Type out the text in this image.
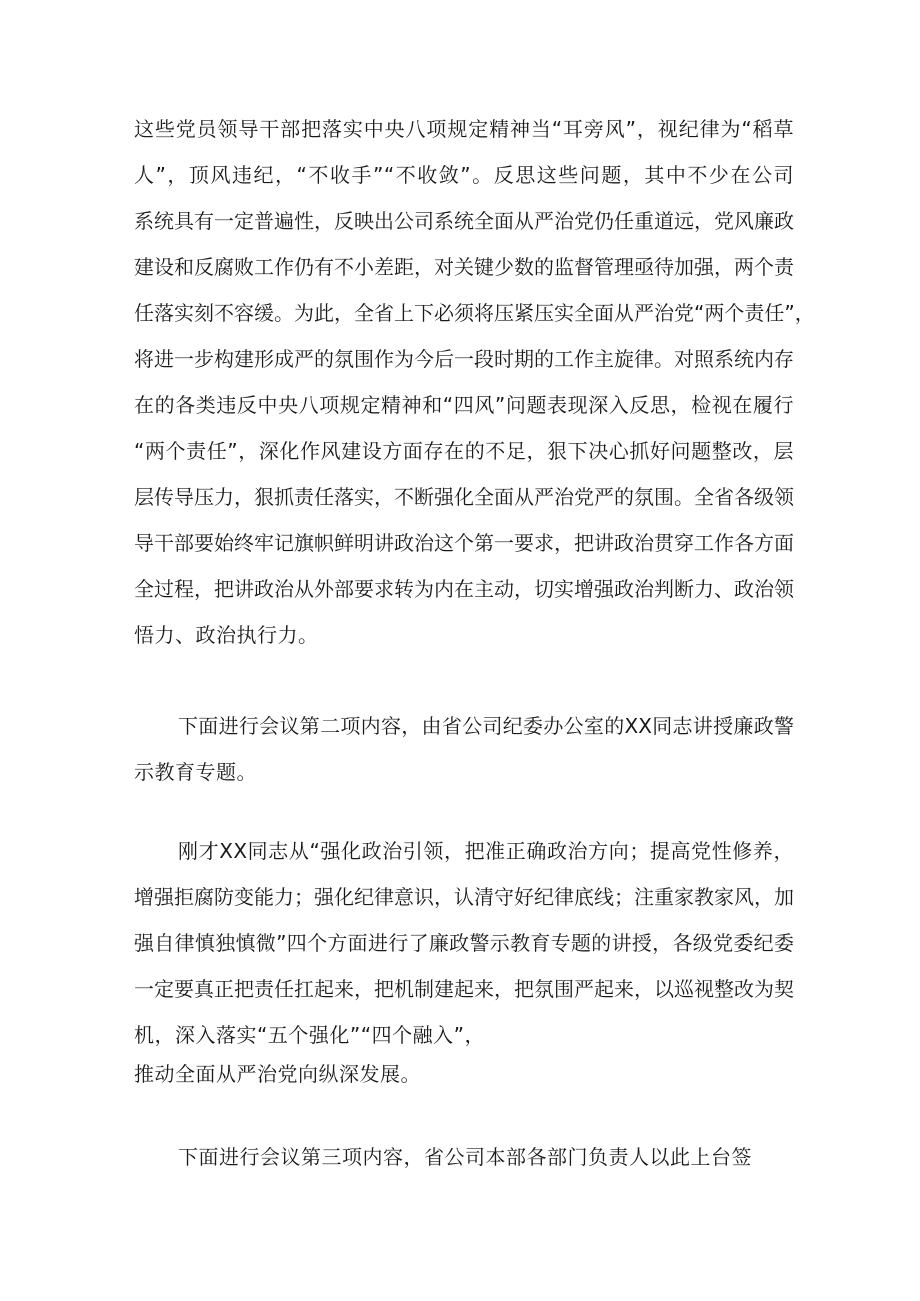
这些党员领导干部把落实中央八项规定精神当“耳旁风”，视纪律为“稻草
人”，顶风违纪，“不收手”“不收敛”。反思这些问题，其中不少在公司
系统具有一定普遍性，反映出公司系统全面从严治党仍任重道远，党风廉政
建设和反腐败工作仍有不小差距，对关键少数的监督管理亟待加强，两个责
任落实刻不容缓。为此，全省上下必须将压紧压实全面从严治党“两个责任”，
将进一步构建形成严的氛围作为今后一段时期的工作主旋律。对照系统内存
在的各类违反中央八项规定精神和“四风”问题表现深入反思，检视在履行
“两个责任”，深化作风建设方面存在的不足，狠下决心抓好问题整改，层
层传导压力，狠抓责任落实，不断强化全面从严治党严的氛围。全省各级领
导干部要始终牢记旗帜鲜明讲政治这个第一要求，把讲政治贯穿工作各方面
全过程，把讲政治从外部要求转为内在主动，切实增强政治判断力、政治领
悟力、政治执行力。
下面进行会议第二项内容，由省公司纪委办公室的XX同志讲授廉政警
示教育专题。
刚才XX同志从“强化政治引领，把准正确政治方向；提高党性修养，
增强拒腐防变能力；强化纪律意识，认清守好纪律底线；注重家教家风，加
强自律慎独慎微”四个方面进行了廉政警示教育专题的讲授，各级党委纪委
一定要真正把责任扛起来，把机制建起来，把氛围严起来，以巡视整改为契
机，深入落实“五个强化”“四个融入”，
推动全面从严治党向纵深发展。
下面进行会议第三项内容，省公司本部各部门负责人以此上台签
